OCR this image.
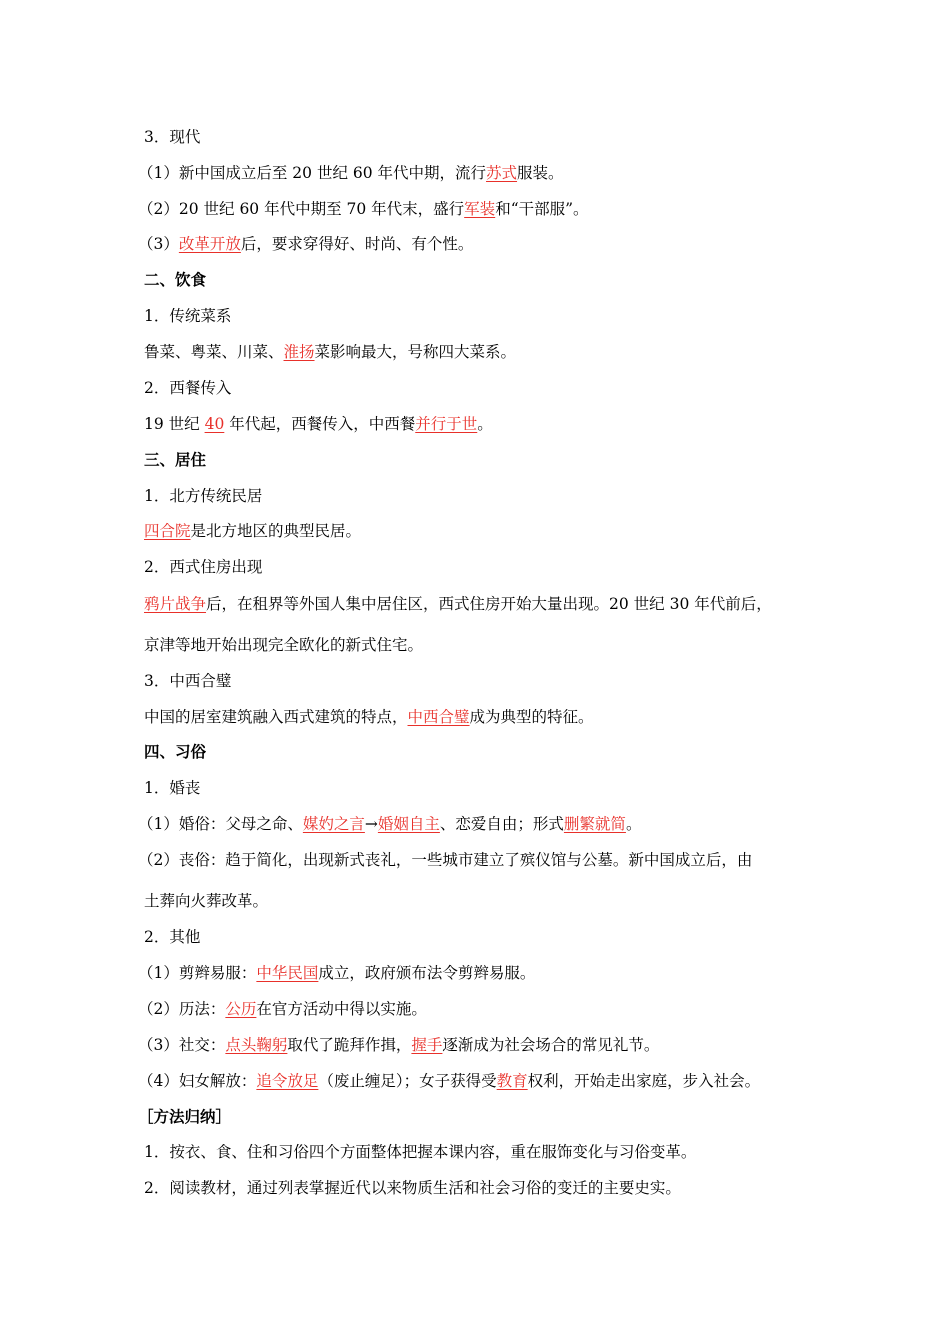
3．现代
（1）新中国成立后至 20 世纪 60 年代中期，流行苏式服装。
（2）20 世纪 60 年代中期至 70 年代末，盛行军装和“干部服”。
（3）改革开放后，要求穿得好、时尚、有个性。
二、饮食
1．传统菜系
鲁菜、粤菜、川菜、淮扬菜影响最大，号称四大菜系。
2．西餐传入
19 世纪 40 年代起，西餐传入，中西餐并行于世。
三、居住
1．北方传统民居
四合院是北方地区的典型民居。
2．西式住房出现
鸦片战争后，在租界等外国人集中居住区，西式住房开始大量出现。20 世纪 30 年代前后，
京津等地开始出现完全欧化的新式住宅。
3．中西合璧
中国的居室建筑融入西式建筑的特点，中西合璧成为典型的特征。
四、习俗
1．婚丧
（1）婚俗：父母之命、媒妁之言→婚姻自主、恋爱自由；形式删繁就简。
（2）丧俗：趋于简化，出现新式丧礼，一些城市建立了殡仪馆与公墓。新中国成立后，由
土葬向火葬改革。
2．其他
（1）剪辫易服：中华民国成立，政府颁布法令剪辫易服。
（2）历法：公历在官方活动中得以实施。
（3）社交：点头鞠躬取代了跪拜作揖，握手逐渐成为社会场合的常见礼节。
（4）妇女解放：追令放足（废止缠足）；女子获得受教育权利，开始走出家庭，步入社会。
［方法归纳］
1．按衣、食、住和习俗四个方面整体把握本课内容，重在服饰变化与习俗变革。
2．阅读教材，通过列表掌握近代以来物质生活和社会习俗的变迁的主要史实。
